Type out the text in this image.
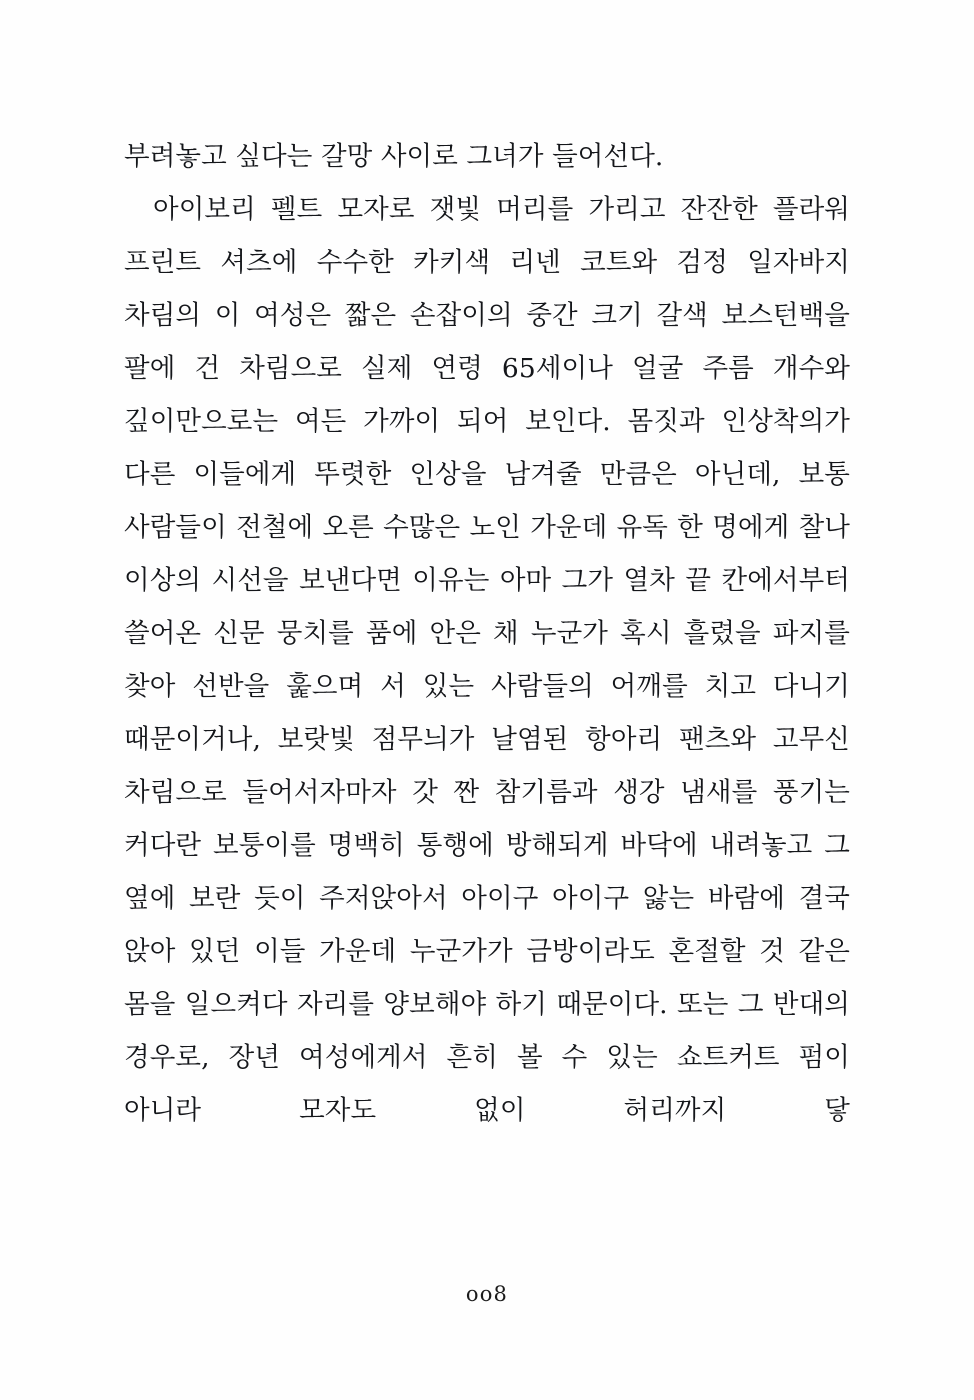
부려놓고 싶다는 갈망 사이로 그녀가 들어선다.

아이보리 펠트 모자로 잿빛 머리를 가리고 잔잔한 플라워 프린트 셔츠에 수수한 카키색 리넨 코트와 검정 일자바지 차림의 이 여성은 짧은 손잡이의 중간 크기 갈색 보스턴백을 팔에 건 차림으로 실제 연령 65세이나 얼굴 주름 개수와 깊이만으로는 여든 가까이 되어 보인다. 몸짓과 인상착의가 다른 이들에게 뚜렷한 인상을 남겨줄 만큼은 아닌데, 보통 사람들이 전철에 오른 수많은 노인 가운데 유독 한 명에게 찰나 이상의 시선을 보낸다면 이유는 아마 그가 열차 끝 칸에서부터 쓸어온 신문 뭉치를 품에 안은 채 누군가 혹시 흘렸을 파지를 찾아 선반을 훑으며 서 있는 사람들의 어깨를 치고 다니기 때문이거나, 보랏빛 점무늬가 날염된 항아리 팬츠와 고무신 차림으로 들어서자마자 갓 짠 참기름과 생강 냄새를 풍기는 커다란 보퉁이를 명백히 통행에 방해되게 바닥에 내려놓고 그 옆에 보란 듯이 주저앉아서 아이구 아이구 앓는 바람에 결국 앉아 있던 이들 가운데 누군가가 금방이라도 혼절할 것 같은 몸을 일으켜다 자리를 양보해야 하기 때문이다. 또는 그 반대의 경우로, 장년 여성에게서 흔히 볼 수 있는 쇼트커트 펌이 아니라 모자도 없이 허리까지 닿

oo8
